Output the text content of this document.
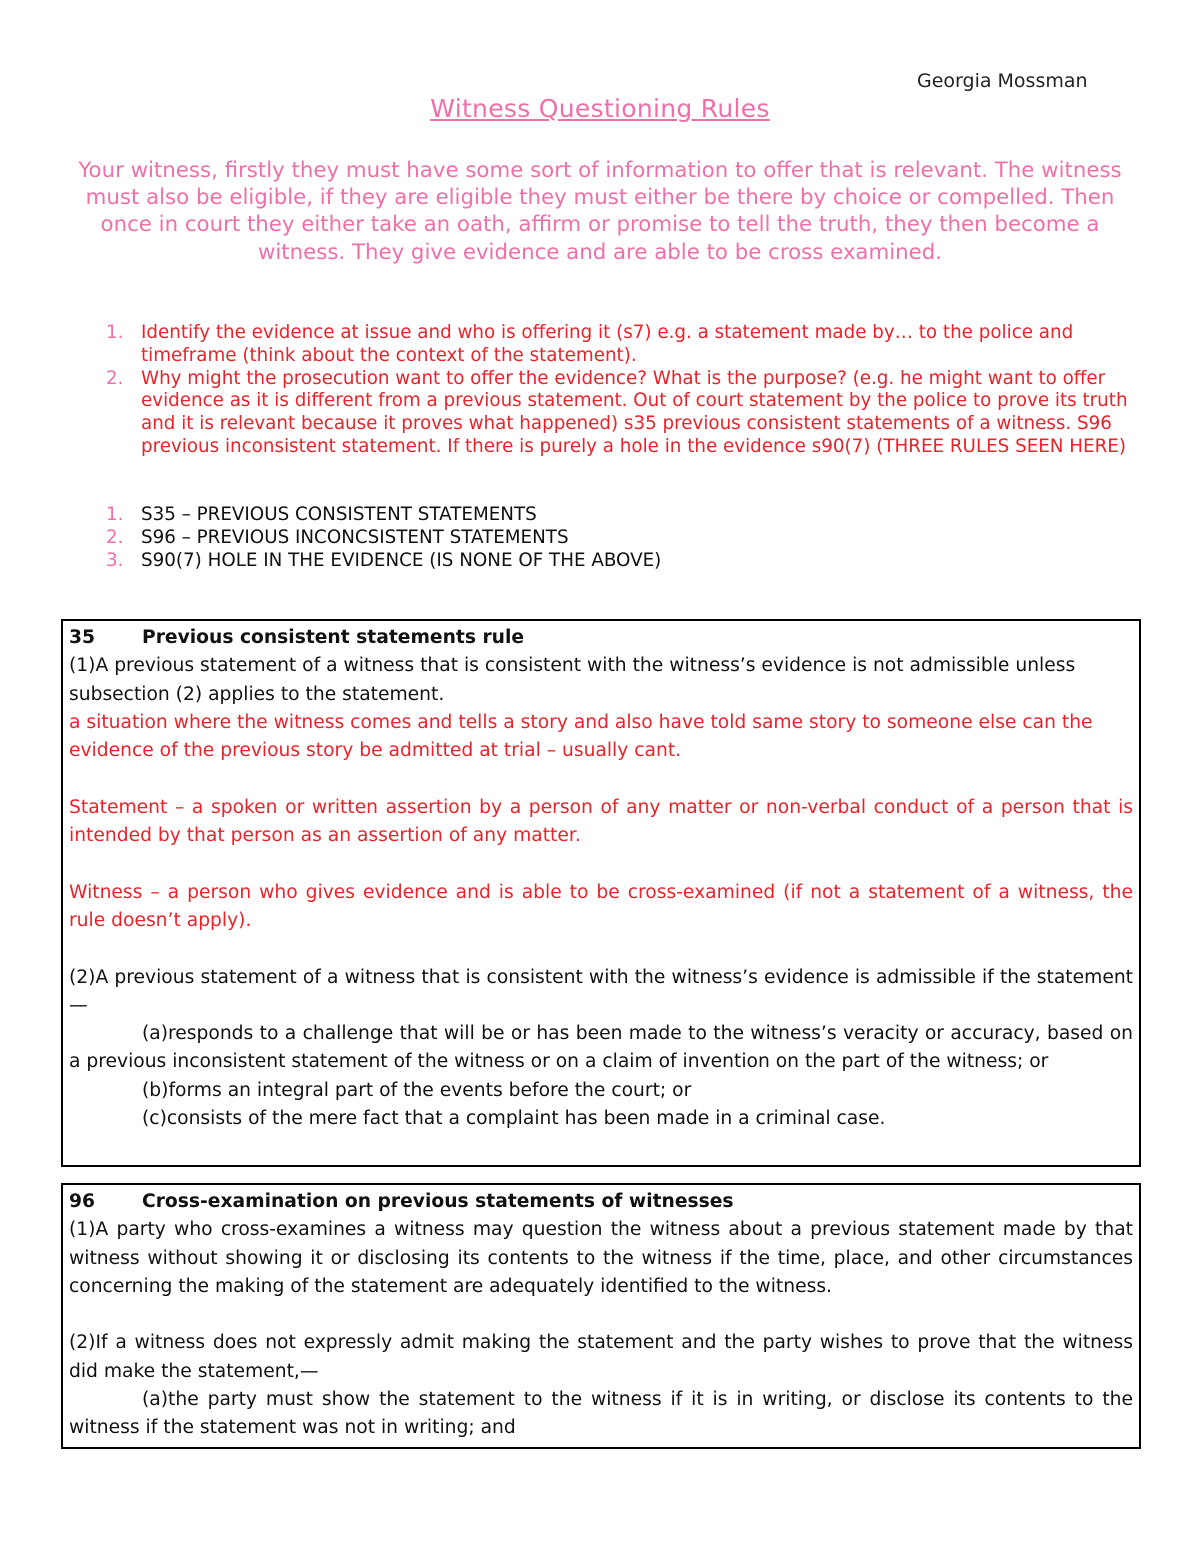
Georgia Mossman
Witness Questioning Rules
Your witness, firstly they must have some sort of information to offer that is relevant. The witness must also be eligible, if they are eligible they must either be there by choice or compelled. Then once in court they either take an oath, affirm or promise to tell the truth, they then become a witness. They give evidence and are able to be cross examined.
1. Identify the evidence at issue and who is offering it (s7) e.g. a statement made by… to the police and timeframe (think about the context of the statement).
2. Why might the prosecution want to offer the evidence? What is the purpose? (e.g. he might want to offer evidence as it is different from a previous statement. Out of court statement by the police to prove its truth and it is relevant because it proves what happened) s35 previous consistent statements of a witness. S96 previous inconsistent statement. If there is purely a hole in the evidence s90(7) (THREE RULES SEEN HERE)
1. S35 – PREVIOUS CONSISTENT STATEMENTS
2. S96 – PREVIOUS INCONCSISTENT STATEMENTS
3. S90(7) HOLE IN THE EVIDENCE (IS NONE OF THE ABOVE)

35	Previous consistent statements rule

(1)A previous statement of a witness that is consistent with the witness’s evidence is not admissible unless subsection (2) applies to the statement.

a situation where the witness comes and tells a story and also have told same story to someone else can the evidence of the previous story be admitted at trial – usually cant.

Statement – a spoken or written assertion by a person of any matter or non-verbal conduct of a person that is intended by that person as an assertion of any matter.

Witness – a person who gives evidence and is able to be cross-examined (if not a statement of a witness, the rule doesn’t apply).

(2)A previous statement of a witness that is consistent with the witness’s evidence is admissible if the statement—

(a)responds to a challenge that will be or has been made to the witness’s veracity or accuracy, based on a previous inconsistent statement of the witness or on a claim of invention on the part of the witness; or

(b)forms an integral part of the events before the court; or

(c)consists of the mere fact that a complaint has been made in a criminal case.

96	Cross-examination on previous statements of witnesses

(1)A party who cross-examines a witness may question the witness about a previous statement made by that witness without showing it or disclosing its contents to the witness if the time, place, and other circumstances concerning the making of the statement are adequately identified to the witness.

(2)If a witness does not expressly admit making the statement and the party wishes to prove that the witness did make the statement,—

(a)the party must show the statement to the witness if it is in writing, or disclose its contents to the witness if the statement was not in writing; and
